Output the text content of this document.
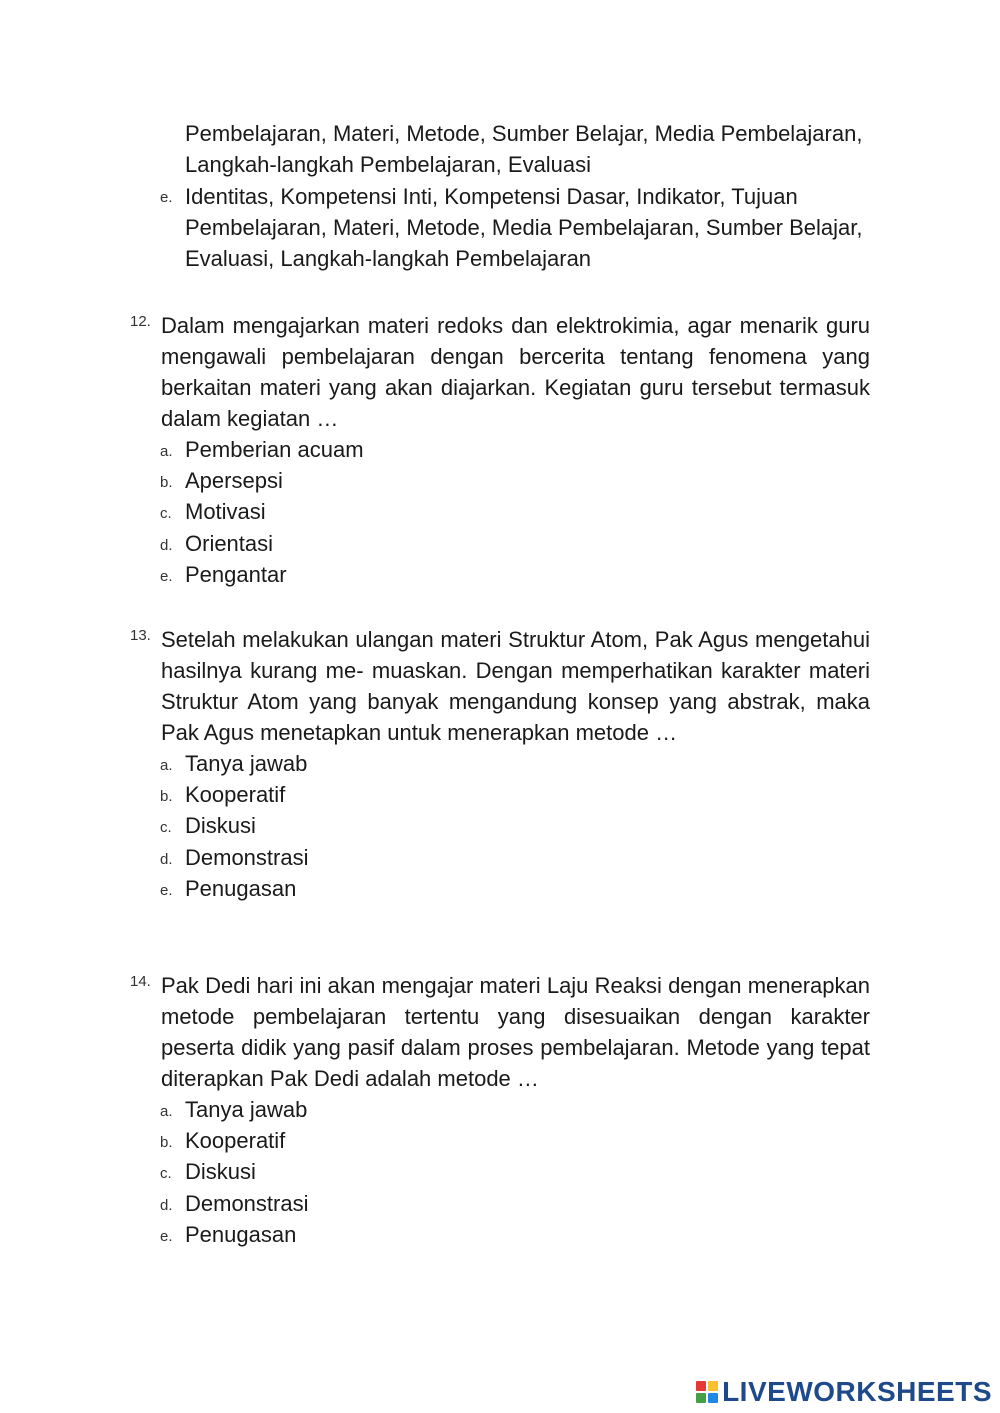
Pembelajaran, Materi, Metode, Sumber Belajar, Media Pembelajaran, Langkah-langkah Pembelajaran, Evaluasi
e. Identitas, Kompetensi Inti, Kompetensi Dasar, Indikator, Tujuan Pembelajaran, Materi, Metode, Media Pembelajaran, Sumber Belajar, Evaluasi, Langkah-langkah Pembelajaran
12. Dalam mengajarkan materi redoks dan elektrokimia, agar menarik guru mengawali pembelajaran dengan bercerita tentang fenomena yang berkaitan materi yang akan diajarkan. Kegiatan guru tersebut termasuk dalam kegiatan …
a. Pemberian acuam
b. Apersepsi
c. Motivasi
d. Orientasi
e. Pengantar
13. Setelah melakukan ulangan materi Struktur Atom, Pak Agus mengetahui hasilnya kurang me- muaskan. Dengan memperhatikan karakter materi Struktur Atom yang banyak mengandung konsep yang abstrak, maka Pak Agus menetapkan untuk menerapkan metode …
a. Tanya jawab
b. Kooperatif
c. Diskusi
d. Demonstrasi
e. Penugasan
14. Pak Dedi hari ini akan mengajar materi Laju Reaksi dengan menerapkan metode pembelajaran tertentu yang disesuaikan dengan karakter peserta didik yang pasif dalam proses pembelajaran. Metode yang tepat diterapkan Pak Dedi adalah metode …
a. Tanya jawab
b. Kooperatif
c. Diskusi
d. Demonstrasi
e. Penugasan
LIVEWORKSHEETS
